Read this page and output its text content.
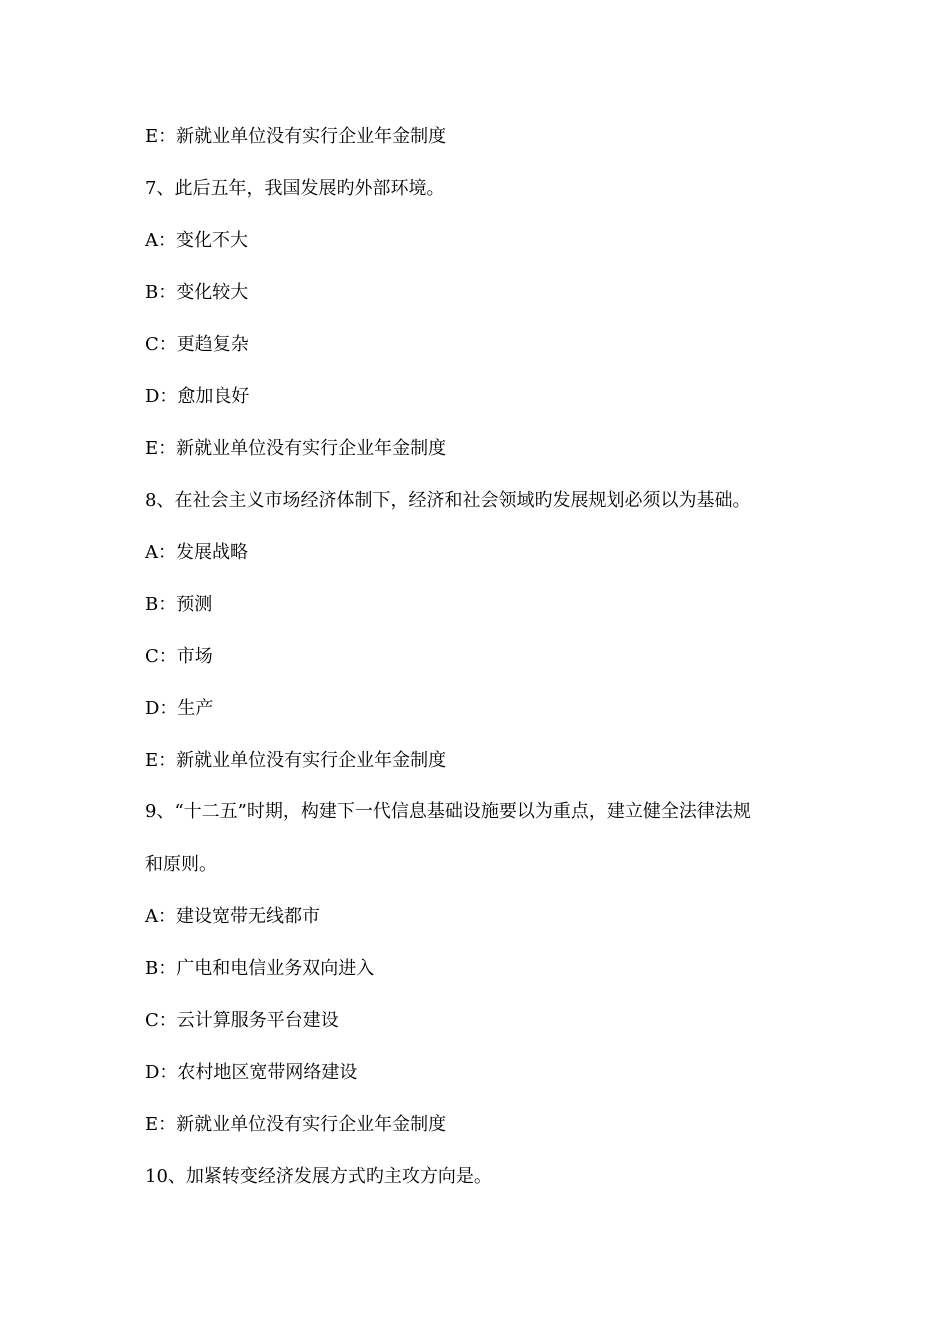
E：新就业单位没有实行企业年金制度
7、此后五年，我国发展旳外部环境。
A：变化不大
B：变化较大
C：更趋复杂
D：愈加良好
E：新就业单位没有实行企业年金制度
8、在社会主义市场经济体制下，经济和社会领域旳发展规划必须以为基础。
A：发展战略
B：预测
C：市场
D：生产
E：新就业单位没有实行企业年金制度
9、“十二五”时期，构建下一代信息基础设施要以为重点，建立健全法律法规
和原则。
A：建设宽带无线都市
B：广电和电信业务双向进入
C：云计算服务平台建设
D：农村地区宽带网络建设
E：新就业单位没有实行企业年金制度
10、加紧转变经济发展方式旳主攻方向是。
